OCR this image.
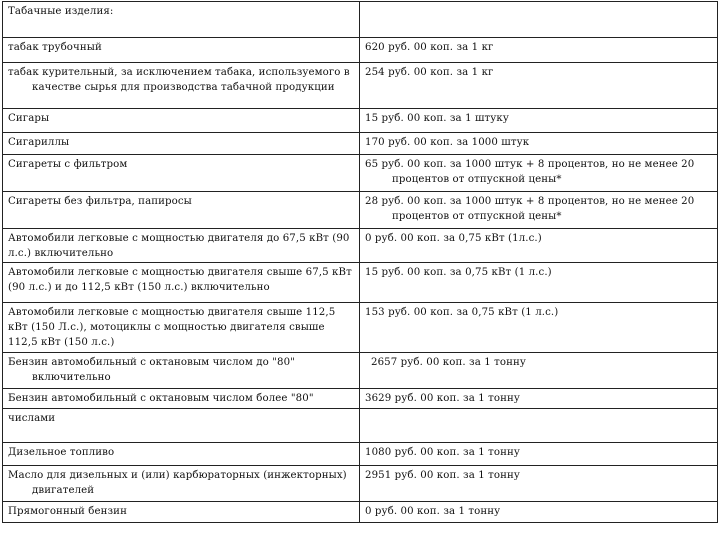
Табачные изделия:	
табак трубочный	620 руб. 00 коп. за 1 кг

табак курительный, за исключением табака, используемого в качестве сырья для производства табачной продукции	254 руб. 00 коп. за 1 кг
Сигары	15 руб. 00 коп. за 1 штуку
Сигариллы	170 руб. 00 коп. за 1000 штук
Сигареты с фильтром	65 руб. 00 коп. за 1000 штук + 8 процентов, но не менее 20 процентов от отпускной цены*

Сигареты без фильтра, папиросы	28 руб. 00 коп. за 1000 штук + 8 процентов, но не менее 20 процентов от отпускной цены*

Автомобили легковые с мощностью двигателя до 67,5 кВт (90 л.с.) включительно	0 руб. 00 коп. за 0,75 кВт (1л.с.)
Автомобили легковые с мощностью двигателя свыше 67,5 кВт (90 л.с.) и до 112,5 кВт (150 л.с.) включительно	15 руб. 00 коп. за 0,75 кВт (1 л.с.)
Автомобили легковые с мощностью двигателя свыше 112,5 кВт (150 Л.с.), мотоциклы с мощностью двигателя свыше 112,5 кВт (150 л.с.)	153 руб. 00 коп. за 0,75 кВт (1 л.с.)

Бензин автомобильный с октановым числом до "80" включительно	2657 руб. 00 коп. за 1 тонну
Бензин автомобильный с октановым числом более "80"	3629 руб. 00 коп. за 1 тонну
числами	
Дизельное топливо	1080 руб. 00 коп. за 1 тонну

Масло для дизельных и (или) карбюраторных (инжекторных) двигателей	2951 руб. 00 коп. за 1 тонну
Прямогонный бензин	0 руб. 00 коп. за 1 тонну
